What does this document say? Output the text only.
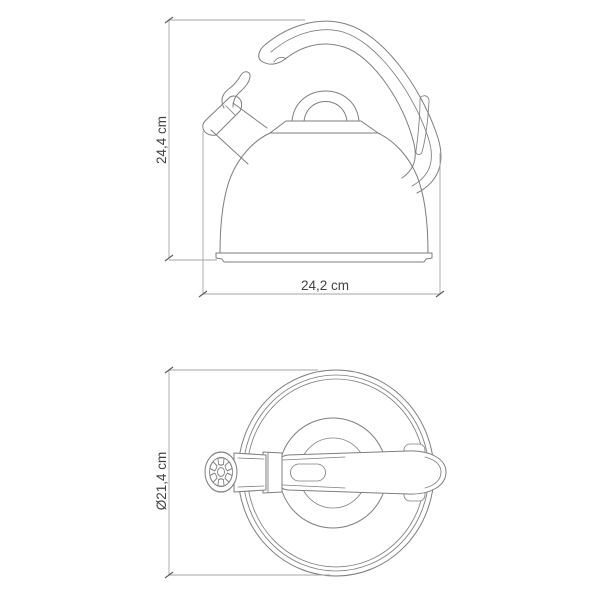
24,4 cm
24,2 cm
Ø21,4 cm
